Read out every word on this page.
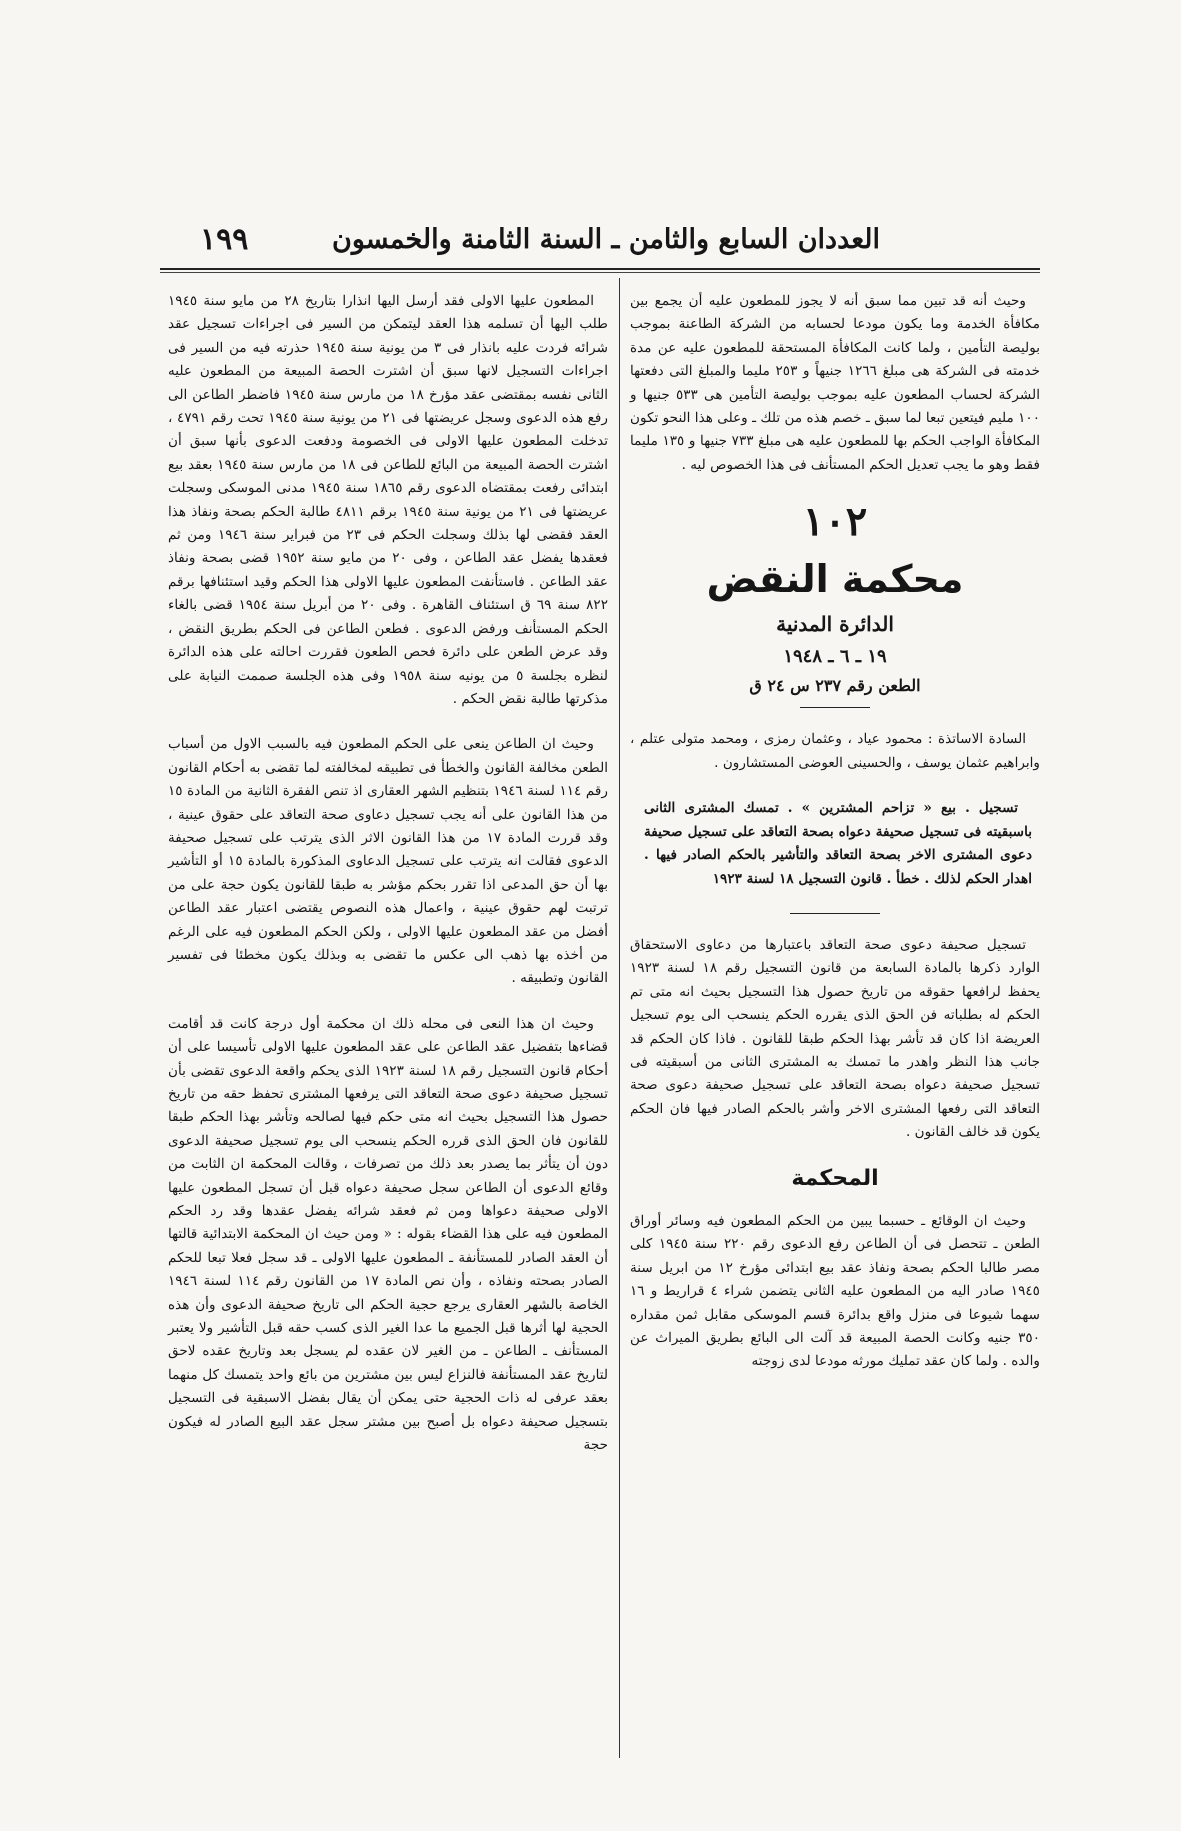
العددان السابع والثامن ـ السنة الثامنة والخمسون
١٩٩

وحيث أنه قد تبين مما سبق أنه لا يجوز للمطعون عليه أن يجمع بين مكافأة الخدمة وما يكون مودعا لحسابه من الشركة الطاعنة بموجب بوليصة التأمين ، ولما كانت المكافأة المستحقة للمطعون عليه عن مدة خدمته فى الشركة هى مبلغ ١٢٦٦ جنيهاً و ٢٥٣ مليما والمبلغ التى دفعتها الشركة لحساب المطعون عليه بموجب بوليصة التأمين هى ٥٣٣ جنيها و ١٠٠ مليم فيتعين تبعا لما سبق ـ خصم هذه من تلك ـ وعلى هذا النحو تكون المكافأة الواجب الحكم بها للمطعون عليه هى مبلغ ٧٣٣ جنيها و ١٣٥ مليما فقط وهو ما يجب تعديل الحكم المستأنف فى هذا الخصوص ليه .

١٠٢
محكمة النقض
الدائرة المدنية
١٩ ـ ٦ ـ ١٩٤٨
الطعن رقم ٢٣٧ س ٢٤ ق

السادة الاساتذة : محمود عياد ، وعثمان رمزى ، ومحمد متولى عتلم ، وابراهيم عثمان يوسف ، والحسينى العوضى المستشارون .

تسجيل . بيع « تزاحم المشترين » . تمسك المشترى الثانى باسبقيته فى تسجيل صحيفة دعواه بصحة التعاقد على تسجيل صحيفة دعوى المشترى الاخر بصحة التعاقد والتأشير بالحكم الصادر فيها . اهدار الحكم لذلك . خطأ . قانون التسجيل ١٨ لسنة ١٩٢٣

تسجيل صحيفة دعوى صحة التعاقد باعتبارها من دعاوى الاستحقاق الوارد ذكرها بالمادة السابعة من قانون التسجيل رقم ١٨ لسنة ١٩٢٣ يحفظ لرافعها حقوقه من تاريخ حصول هذا التسجيل بحيث انه متى تم الحكم له بطلباته فن الحق الذى يقرره الحكم ينسحب الى يوم تسجيل العريضة اذا كان قد تأشر بهذا الحكم طبقا للقانون . فاذا كان الحكم قد جانب هذا النظر واهدر ما تمسك به المشترى الثانى من أسبقيته فى تسجيل صحيفة دعواه بصحة التعاقد على تسجيل صحيفة دعوى صحة التعاقد التى رفعها المشترى الاخر وأشر بالحكم الصادر فيها فان الحكم يكون قد خالف القانون .

المحكمة

وحيث ان الوقائع ـ حسبما يبين من الحكم المطعون فيه وسائر أوراق الطعن ـ تتحصل فى أن الطاعن رفع الدعوى رقم ٢٢٠ سنة ١٩٤٥ كلى مصر طالبا الحكم بصحة ونفاذ عقد بيع ابتدائى مؤرخ ١٢ من ابريل سنة ١٩٤٥ صادر اليه من المطعون عليه الثانى يتضمن شراء ٤ قراريط و ١٦ سهما شيوعا فى منزل واقع بدائرة قسم الموسكى مقابل ثمن مقداره ٣٥٠ جنيه وكانت الحصة المبيعة قد آلت الى البائع بطريق الميراث عن والده . ولما كان عقد تمليك مورثه مودعا لدى زوجته

المطعون عليها الاولى فقد أرسل اليها انذارا بتاريخ ٢٨ من مايو سنة ١٩٤٥ طلب اليها أن تسلمه هذا العقد ليتمكن من السير فى اجراءات تسجيل عقد شرائه فردت عليه بانذار فى ٣ من يونية سنة ١٩٤٥ حذرته فيه من السير فى اجراءات التسجيل لانها سبق أن اشترت الحصة المبيعة من المطعون عليه الثانى نفسه بمقتضى عقد مؤرخ ١٨ من مارس سنة ١٩٤٥ فاضطر الطاعن الى رفع هذه الدعوى وسجل عريضتها فى ٢١ من يونية سنة ١٩٤٥ تحت رقم ٤٧٩١ ، تدخلت المطعون عليها الاولى فى الخصومة ودفعت الدعوى بأنها سبق أن اشترت الحصة المبيعة من البائع للطاعن فى ١٨ من مارس سنة ١٩٤٥ بعقد بيع ابتدائى رفعت بمقتضاه الدعوى رقم ١٨٦٥ سنة ١٩٤٥ مدنى الموسكى وسجلت عريضتها فى ٢١ من يونية سنة ١٩٤٥ برقم ٤٨١١ طالبة الحكم بصحة ونفاذ هذا العقد فقضى لها بذلك وسجلت الحكم فى ٢٣ من فبراير سنة ١٩٤٦ ومن ثم فعقدها يفضل عقد الطاعن ، وفى ٢٠ من مايو سنة ١٩٥٢ قضى بصحة ونفاذ عقد الطاعن . فاستأنفت المطعون عليها الاولى هذا الحكم وقيد استئنافها برقم ٨٢٢ سنة ٦٩ ق استئناف القاهرة . وفى ٢٠ من أبريل سنة ١٩٥٤ قضى بالغاء الحكم المستأنف ورفض الدعوى . فطعن الطاعن فى الحكم بطريق النقض ، وقد عرض الطعن على دائرة فحص الطعون فقررت احالته على هذه الدائرة لنظره بجلسة ٥ من يونيه سنة ١٩٥٨ وفى هذه الجلسة صممت النيابة على مذكرتها طالبة نقض الحكم .

وحيث ان الطاعن ينعى على الحكم المطعون فيه بالسبب الاول من أسباب الطعن مخالفة القانون والخطأ فى تطبيقه لمخالفته لما تقضى به أحكام القانون رقم ١١٤ لسنة ١٩٤٦ بتنظيم الشهر العقارى اذ تنص الفقرة الثانية من المادة ١٥ من هذا القانون على أنه يجب تسجيل دعاوى صحة التعاقد على حقوق عينية ، وقد قررت المادة ١٧ من هذا القانون الاثر الذى يترتب على تسجيل صحيفة الدعوى فقالت انه يترتب على تسجيل الدعاوى المذكورة بالمادة ١٥ أو التأشير بها أن حق المدعى اذا تقرر بحكم مؤشر به طبقا للقانون يكون حجة على من ترتبت لهم حقوق عينية ، واعمال هذه النصوص يقتضى اعتبار عقد الطاعن أفضل من عقد المطعون عليها الاولى ، ولكن الحكم المطعون فيه على الرغم من أخذه بها ذهب الى عكس ما تقضى به وبذلك يكون مخطئا فى تفسير القانون وتطبيقه .

وحيث ان هذا النعى فى محله ذلك ان محكمة أول درجة كانت قد أقامت قضاءها بتفضيل عقد الطاعن على عقد المطعون عليها الاولى تأسيسا على أن أحكام قانون التسجيل رقم ١٨ لسنة ١٩٢٣ الذى يحكم واقعة الدعوى تقضى بأن تسجيل صحيفة دعوى صحة التعاقد التى يرفعها المشترى تحفظ حقه من تاريخ حصول هذا التسجيل بحيث انه متى حكم فيها لصالحه وتأشر بهذا الحكم طبقا للقانون فان الحق الذى قرره الحكم ينسحب الى يوم تسجيل صحيفة الدعوى دون أن يتأثر بما يصدر بعد ذلك من تصرفات ، وقالت المحكمة ان الثابت من وقائع الدعوى أن الطاعن سجل صحيفة دعواه قبل أن تسجل المطعون عليها الاولى صحيفة دعواها ومن ثم فعقد شرائه يفضل عقدها وقد رد الحكم المطعون فيه على هذا القضاء بقوله : « ومن حيث ان المحكمة الابتدائية قالتها أن العقد الصادر للمستأنفة ـ المطعون عليها الاولى ـ قد سجل فعلا تبعا للحكم الصادر بصحته ونفاذه ، وأن نص المادة ١٧ من القانون رقم ١١٤ لسنة ١٩٤٦ الخاصة بالشهر العقارى يرجع حجية الحكم الى تاريخ صحيفة الدعوى وأن هذه الحجية لها أثرها قبل الجميع ما عدا الغير الذى كسب حقه قبل التأشير ولا يعتبر المستأنف ـ الطاعن ـ من الغير لان عقده لم يسجل بعد وتاريخ عقده لاحق لتاريخ عقد المستأنفة فالنزاع ليس بين مشترين من بائع واحد يتمسك كل منهما بعقد عرفى له ذات الحجية حتى يمكن أن يقال بفضل الاسبقية فى التسجيل بتسجيل صحيفة دعواه بل أصبح بين مشتر سجل عقد البيع الصادر له فيكون حجة
